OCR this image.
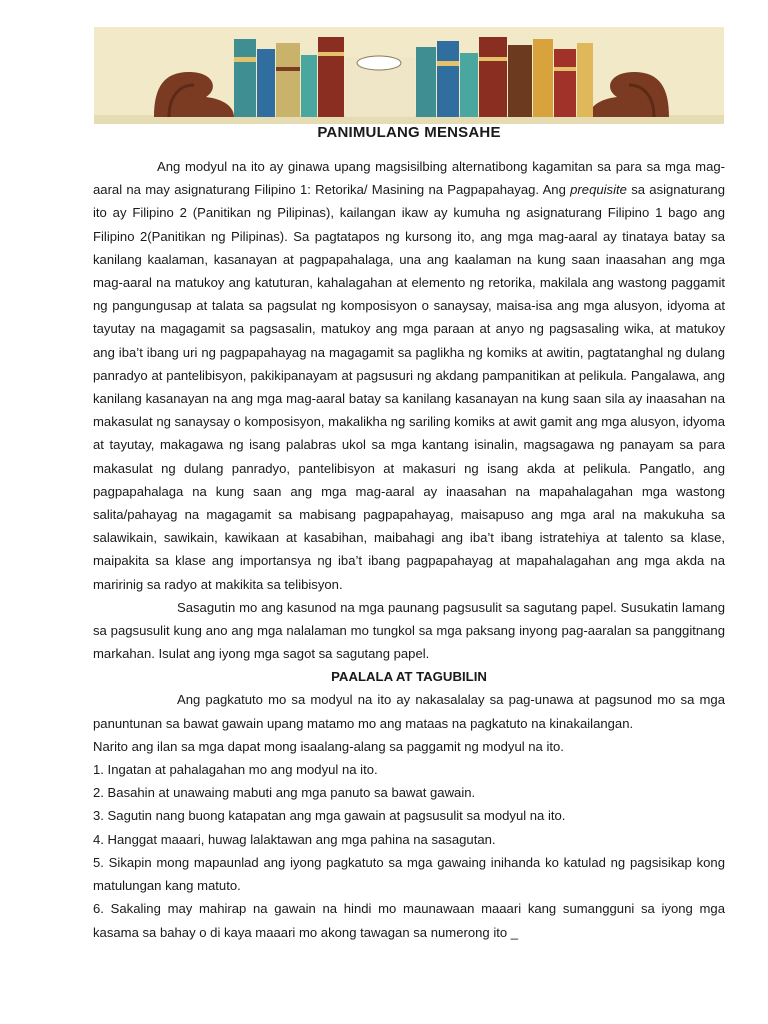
PANIMULANG MENSAHE

Ang modyul na ito ay ginawa upang magsisilbing alternatibong kagamitan sa para sa mga mag-aaral na may asignaturang Filipino 1: Retorika/ Masining na Pagpapahayag. Ang prequisite sa asignaturang ito ay Filipino 2 (Panitikan ng Pilipinas), kailangan ikaw ay kumuha ng asignaturang Filipino 1 bago ang Filipino 2(Panitikan ng Pilipinas). Sa pagtatapos ng kursong ito, ang mga mag-aaral ay tinataya batay sa kanilang kaalaman, kasanayan at pagpapahalaga, una ang kaalaman na kung saan inaasahan ang mga mag-aaral na matukoy ang katuturan, kahalagahan at elemento ng retorika, makilala ang wastong paggamit ng pangungusap at talata sa pagsulat ng komposisyon o sanaysay, maisa-isa ang mga alusyon, idyoma at tayutay na magagamit sa pagsasalin, matukoy ang mga paraan at anyo ng pagsasaling wika, at matukoy ang iba’t ibang uri ng pagpapahayag na magagamit sa paglikha ng komiks at awitin, pagtatanghal ng dulang panradyo at pantelibisyon, pakikipanayam at pagsusuri ng akdang pampanitikan at pelikula. Pangalawa, ang kanilang kasanayan na ang mga mag-aaral batay sa kanilang kasanayan na kung saan sila ay inaasahan na makasulat ng sanaysay o komposisyon, makalikha ng sariling komiks at awit gamit ang mga alusyon, idyoma at tayutay, makagawa ng isang palabras ukol sa mga kantang isinalin, magsagawa ng panayam sa para makasulat ng dulang panradyo, pantelibisyon at makasuri ng isang akda at pelikula. Pangatlo, ang pagpapahalaga na kung saan ang mga mag-aaral ay inaasahan na mapahalagahan mga wastong salita/pahayag na magagamit sa mabisang pagpapahayag, maisapuso ang mga aral na makukuha sa salawikain, sawikain, kawikaan at kasabihan, maibahagi ang iba’t ibang istratehiya at talento sa klase, maipakita sa klase ang importansya ng iba’t ibang pagpapahayag at mapahalagahan ang mga akda na maririnig sa radyo at makikita sa telibisyon.

Sasagutin mo ang kasunod na mga paunang pagsusulit sa sagutang papel. Susukatin lamang sa pagsusulit kung ano ang mga nalalaman mo tungkol sa mga paksang inyong pag-aaralan sa panggitnang markahan. Isulat ang iyong mga sagot sa sagutang papel.

PAALALA AT TAGUBILIN

Ang pagkatuto mo sa modyul na ito ay nakasalalay sa pag-unawa at pagsunod mo sa mga panuntunan sa bawat gawain upang matamo mo ang mataas na pagkatuto na kinakailangan.

Narito ang ilan sa mga dapat mong isaalang-alang sa paggamit ng modyul na ito.

1. Ingatan at pahalagahan mo ang modyul na ito.

2. Basahin at unawaing mabuti ang mga panuto sa bawat gawain.

3. Sagutin nang buong katapatan ang mga gawain at pagsusulit sa modyul na ito.

4. Hanggat maaari, huwag lalaktawan ang mga pahina na sasagutan.

5. Sikapin mong mapaunlad ang iyong pagkatuto sa mga gawaing inihanda ko katulad ng pagsisikap kong matulungan kang matuto.

6. Sakaling may mahirap na gawain na hindi mo maunawaan maaari kang sumangguni sa iyong mga kasama sa bahay o di kaya maaari mo akong tawagan sa numerong ito _
